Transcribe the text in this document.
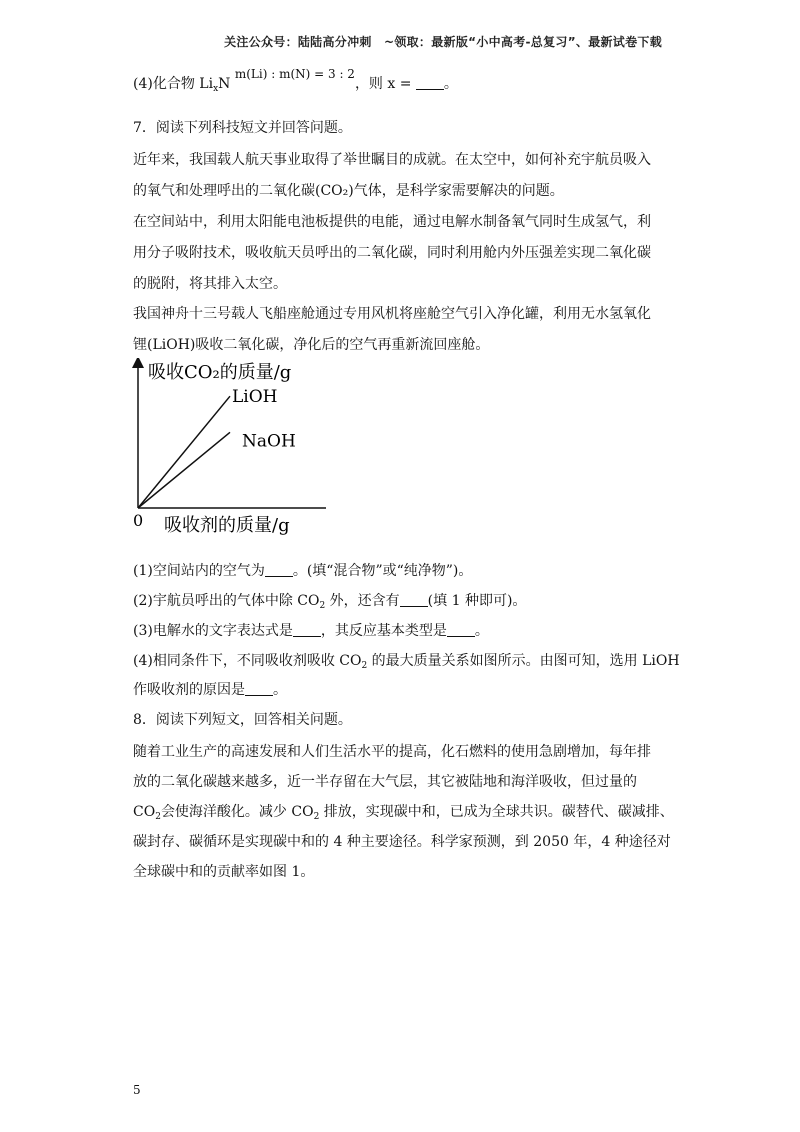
关注公众号：陆陆高分冲刺　~领取：最新版“小中高考-总复习”、最新试卷下载
(4)化合物 $Li_xN$ m(Li) : m(N) = 3 : 2，则 x = 。
7．阅读下列科技短文并回答问题。
近年来，我国载人航天事业取得了举世瞩目的成就。在太空中，如何补充宇航员吸入
的氧气和处理呼出的二氧化碳(CO₂)气体，是科学家需要解决的问题。
在空间站中，利用太阳能电池板提供的电能，通过电解水制备氧气同时生成氢气，利
用分子吸附技术，吸收航天员呼出的二氧化碳，同时利用舱内外压强差实现二氧化碳
的脱附，将其排入太空。
我国神舟十三号载人飞船座舱通过专用风机将座舱空气引入净化罐，利用无水氢氧化
锂(LiOH)吸收二氧化碳，净化后的空气再重新流回座舱。
LiOH
NaOH
吸收CO₂的质量/g
吸收剂的质量/g
0
(1)空间站内的空气为 。(填“混合物”或“纯净物”)。
(2)宇航员呼出的气体中除 $CO_2$ 外，还含有 (填 1 种即可)。
(3)电解水的文字表达式是 ，其反应基本类型是 。
(4)相同条件下，不同吸收剂吸收 $CO_2$ 的最大质量关系如图所示。由图可知，选用 LiOH
作吸收剂的原因是 。
8．阅读下列短文，回答相关问题。
随着工业生产的高速发展和人们生活水平的提高，化石燃料的使用急剧增加，每年排
放的二氧化碳越来越多，近一半存留在大气层，其它被陆地和海洋吸收，但过量的
$CO_2$会使海洋酸化。减少 $CO_2$ 排放，实现碳中和，已成为全球共识。碳替代、碳减排、
碳封存、碳循环是实现碳中和的 4 种主要途径。科学家预测，到 2050 年，4 种途径对
全球碳中和的贡献率如图 1。
5
